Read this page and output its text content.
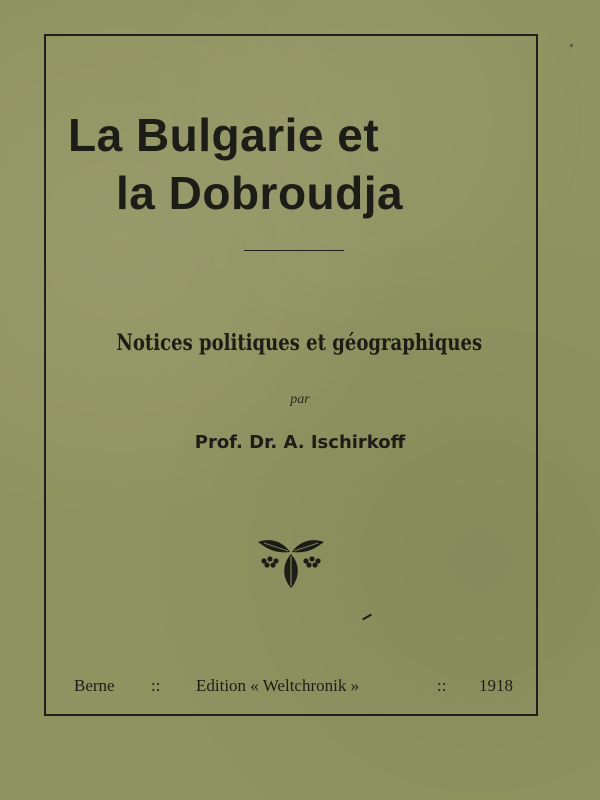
La Bulgarie et
la Dobroudja
Notices politiques et géographiques
par
Prof. Dr. A. Ischirkoff
Berne :: Edition « Weltchronik »	:: 1918
